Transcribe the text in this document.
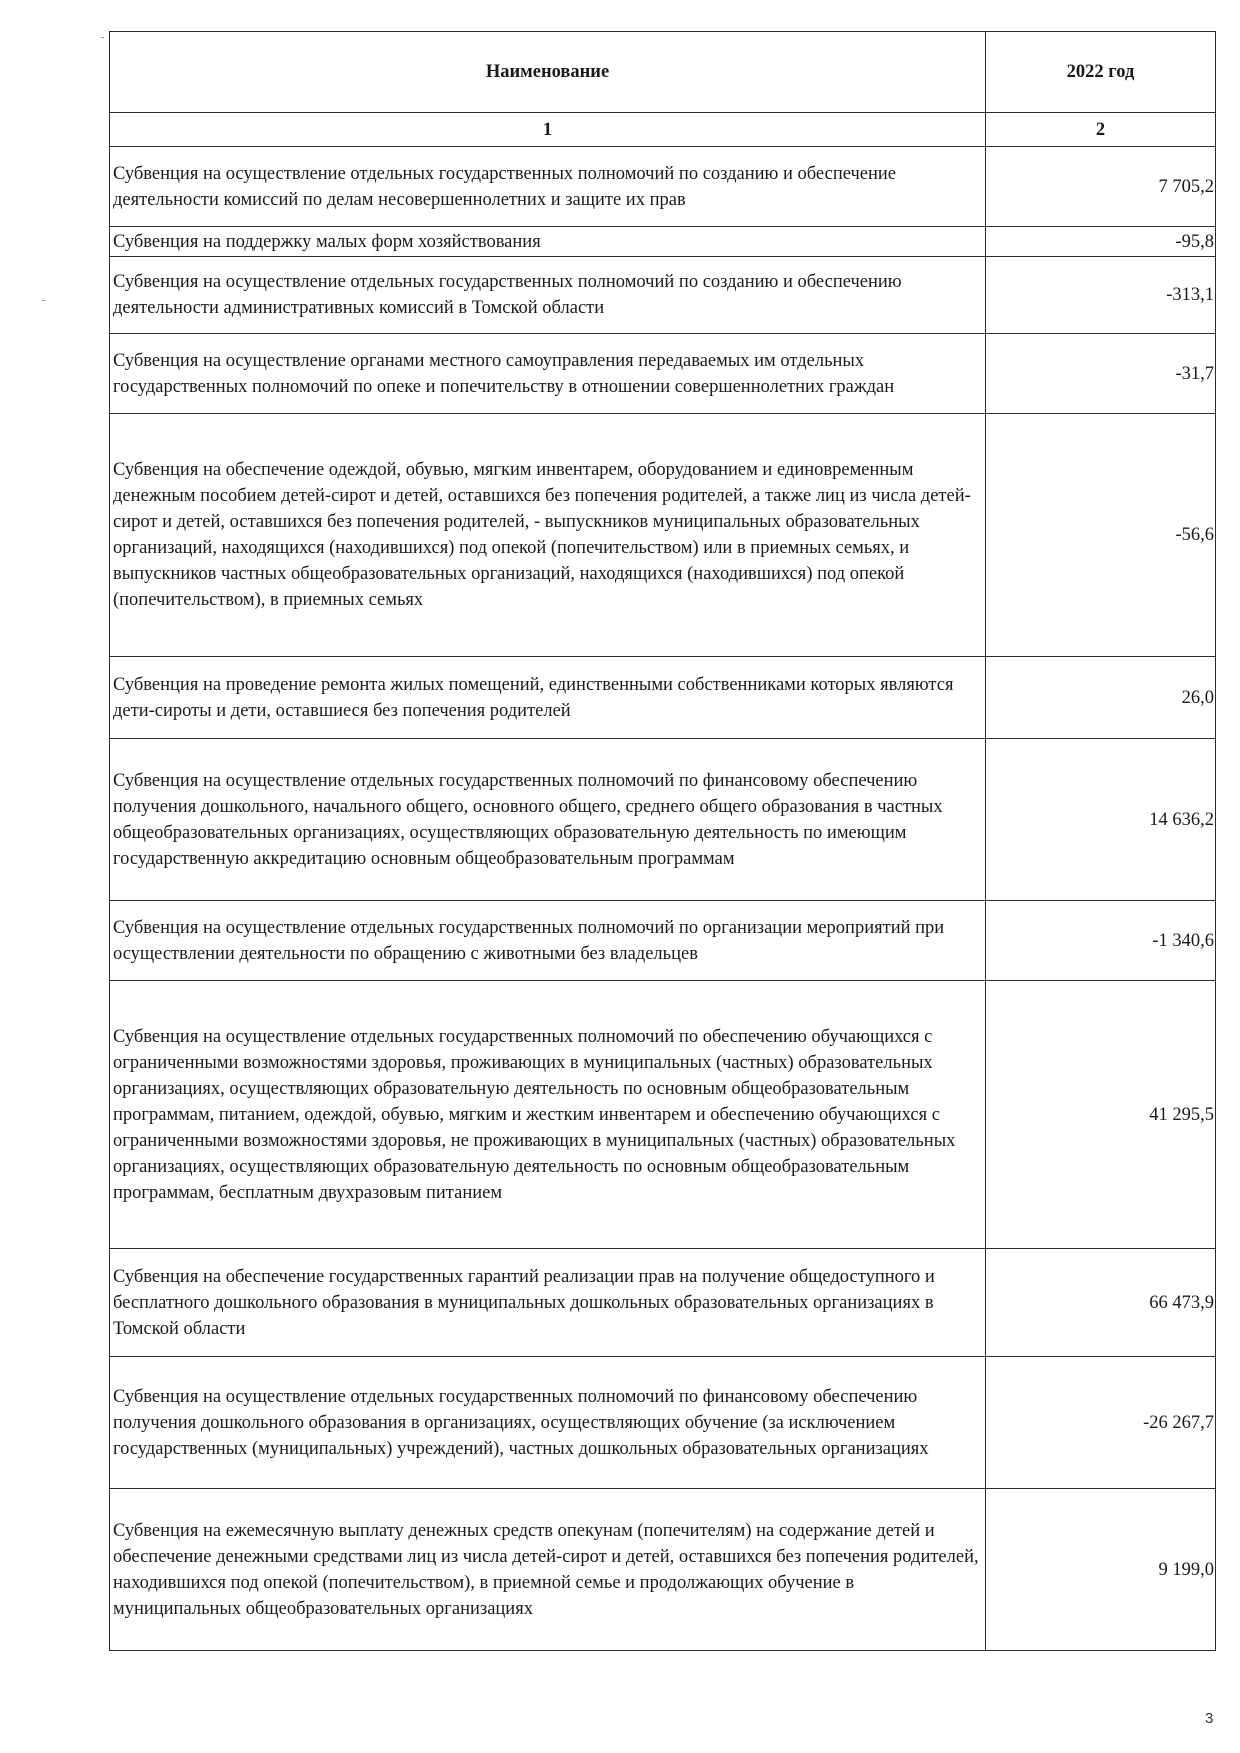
Наименование	2022 год
1	2
Субвенция на осуществление отдельных государственных полномочий по созданию и обеспечение деятельности комиссий по делам несовершеннолетних и защите их прав	7 705,2
Субвенция на поддержку малых форм хозяйствования	-95,8
Субвенция на осуществление отдельных государственных полномочий по созданию и обеспечению деятельности административных комиссий в Томской области	-313,1
Субвенция на осуществление органами местного самоуправления передаваемых им отдельных государственных полномочий по опеке и попечительству в отношении совершеннолетних граждан	-31,7
Субвенция на обеспечение одеждой, обувью, мягким инвентарем, оборудованием и единовременным денежным пособием детей-сирот и детей, оставшихся без попечения родителей, а также лиц из числа детей-сирот и детей, оставшихся без попечения родителей, - выпускников муниципальных образовательных организаций, находящихся (находившихся) под опекой (попечительством) или в приемных семьях, и выпускников частных общеобразовательных организаций, находящихся (находившихся) под опекой (попечительством), в приемных семьях	-56,6
Субвенция на проведение ремонта жилых помещений, единственными собственниками которых являются дети-сироты и дети, оставшиеся без попечения родителей	26,0
Субвенция на осуществление отдельных государственных полномочий по финансовому обеспечению получения дошкольного, начального общего, основного общего, среднего общего образования в частных общеобразовательных организациях, осуществляющих образовательную деятельность по имеющим государственную аккредитацию основным общеобразовательным программам	14 636,2
Субвенция на осуществление отдельных государственных полномочий по организации мероприятий при осуществлении деятельности по обращению с животными без владельцев	-1 340,6
Субвенция на осуществление отдельных государственных полномочий по обеспечению обучающихся с ограниченными возможностями здоровья, проживающих в муниципальных (частных) образовательных организациях, осуществляющих образовательную деятельность по основным общеобразовательным программам, питанием, одеждой, обувью, мягким и жестким инвентарем и обеспечению обучающихся с ограниченными возможностями здоровья, не проживающих в муниципальных (частных) образовательных организациях, осуществляющих образовательную деятельность по основным общеобразовательным программам, бесплатным двухразовым питанием	41 295,5
Субвенция на обеспечение государственных гарантий реализации прав на получение общедоступного и бесплатного дошкольного образования в муниципальных дошкольных образовательных организациях в Томской области	66 473,9
Субвенция на осуществление отдельных государственных полномочий по финансовому обеспечению получения дошкольного образования в организациях, осуществляющих обучение (за исключением государственных (муниципальных) учреждений), частных дошкольных образовательных организациях	-26 267,7
Субвенция на ежемесячную выплату денежных средств опекунам (попечителям) на содержание детей и обеспечение денежными средствами лиц из числа детей-сирот и детей, оставшихся без попечения родителей, находившихся под опекой (попечительством), в приемной семье и продолжающих обучение в муниципальных общеобразовательных организациях	9 199,0
3
